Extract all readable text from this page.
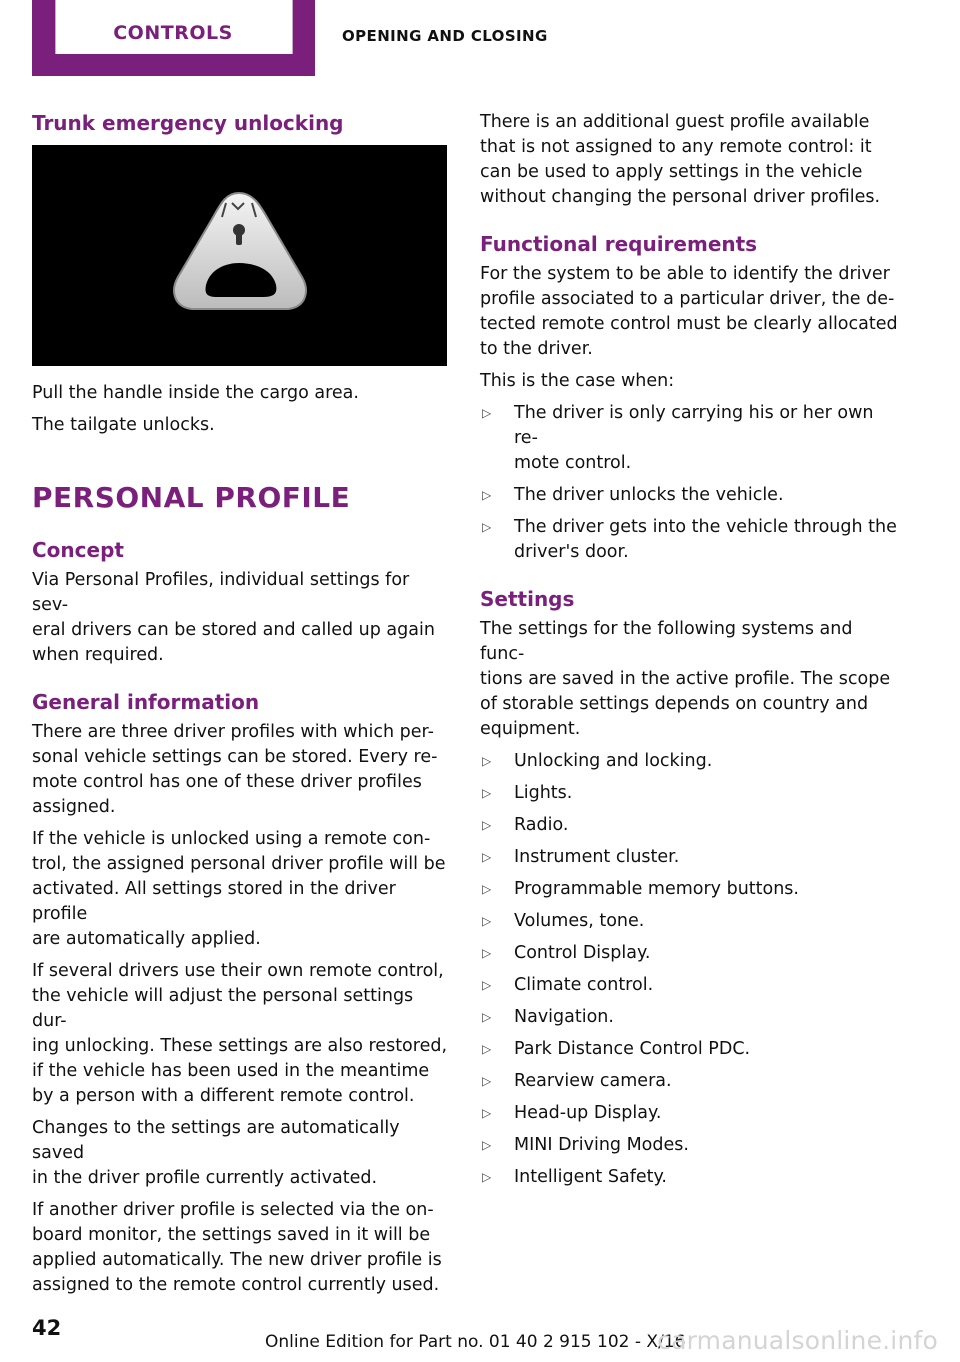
CONTROLS	OPENING AND CLOSING
Trunk emergency unlocking

Pull the handle inside the cargo area.

The tailgate unlocks.

PERSONAL PROFILE
Concept

Via Personal Profiles, individual settings for sev-
eral drivers can be stored and called up again
when required.

General information

There are three driver profiles with which per-
sonal vehicle settings can be stored. Every re-
mote control has one of these driver profiles
assigned.

If the vehicle is unlocked using a remote con-
trol, the assigned personal driver profile will be
activated. All settings stored in the driver profile
are automatically applied.

If several drivers use their own remote control,
the vehicle will adjust the personal settings dur-
ing unlocking. These settings are also restored,
if the vehicle has been used in the meantime
by a person with a different remote control.

Changes to the settings are automatically saved
in the driver profile currently activated.

If another driver profile is selected via the on-
board monitor, the settings saved in it will be
applied automatically. The new driver profile is
assigned to the remote control currently used.

There is an additional guest profile available
that is not assigned to any remote control: it
can be used to apply settings in the vehicle
without changing the personal driver profiles.

Functional requirements

For the system to be able to identify the driver
profile associated to a particular driver, the de-
tected remote control must be clearly allocated
to the driver.

This is the case when:

▷ The driver is only carrying his or her own re-
mote control.
▷ The driver unlocks the vehicle.
▷ The driver gets into the vehicle through the
driver's door.
Settings

The settings for the following systems and func-
tions are saved in the active profile. The scope
of storable settings depends on country and
equipment.

▷ Unlocking and locking.
▷ Lights.
▷ Radio.
▷ Instrument cluster.
▷ Programmable memory buttons.
▷ Volumes, tone.
▷ Control Display.
▷ Climate control.
▷ Navigation.
▷ Park Distance Control PDC.
▷ Rearview camera.
▷ Head-up Display.
▷ MINI Driving Modes.
▷ Intelligent Safety.
42
Online Edition for Part no. 01 40 2 915 102 - X/16
carmanualsonline.info
